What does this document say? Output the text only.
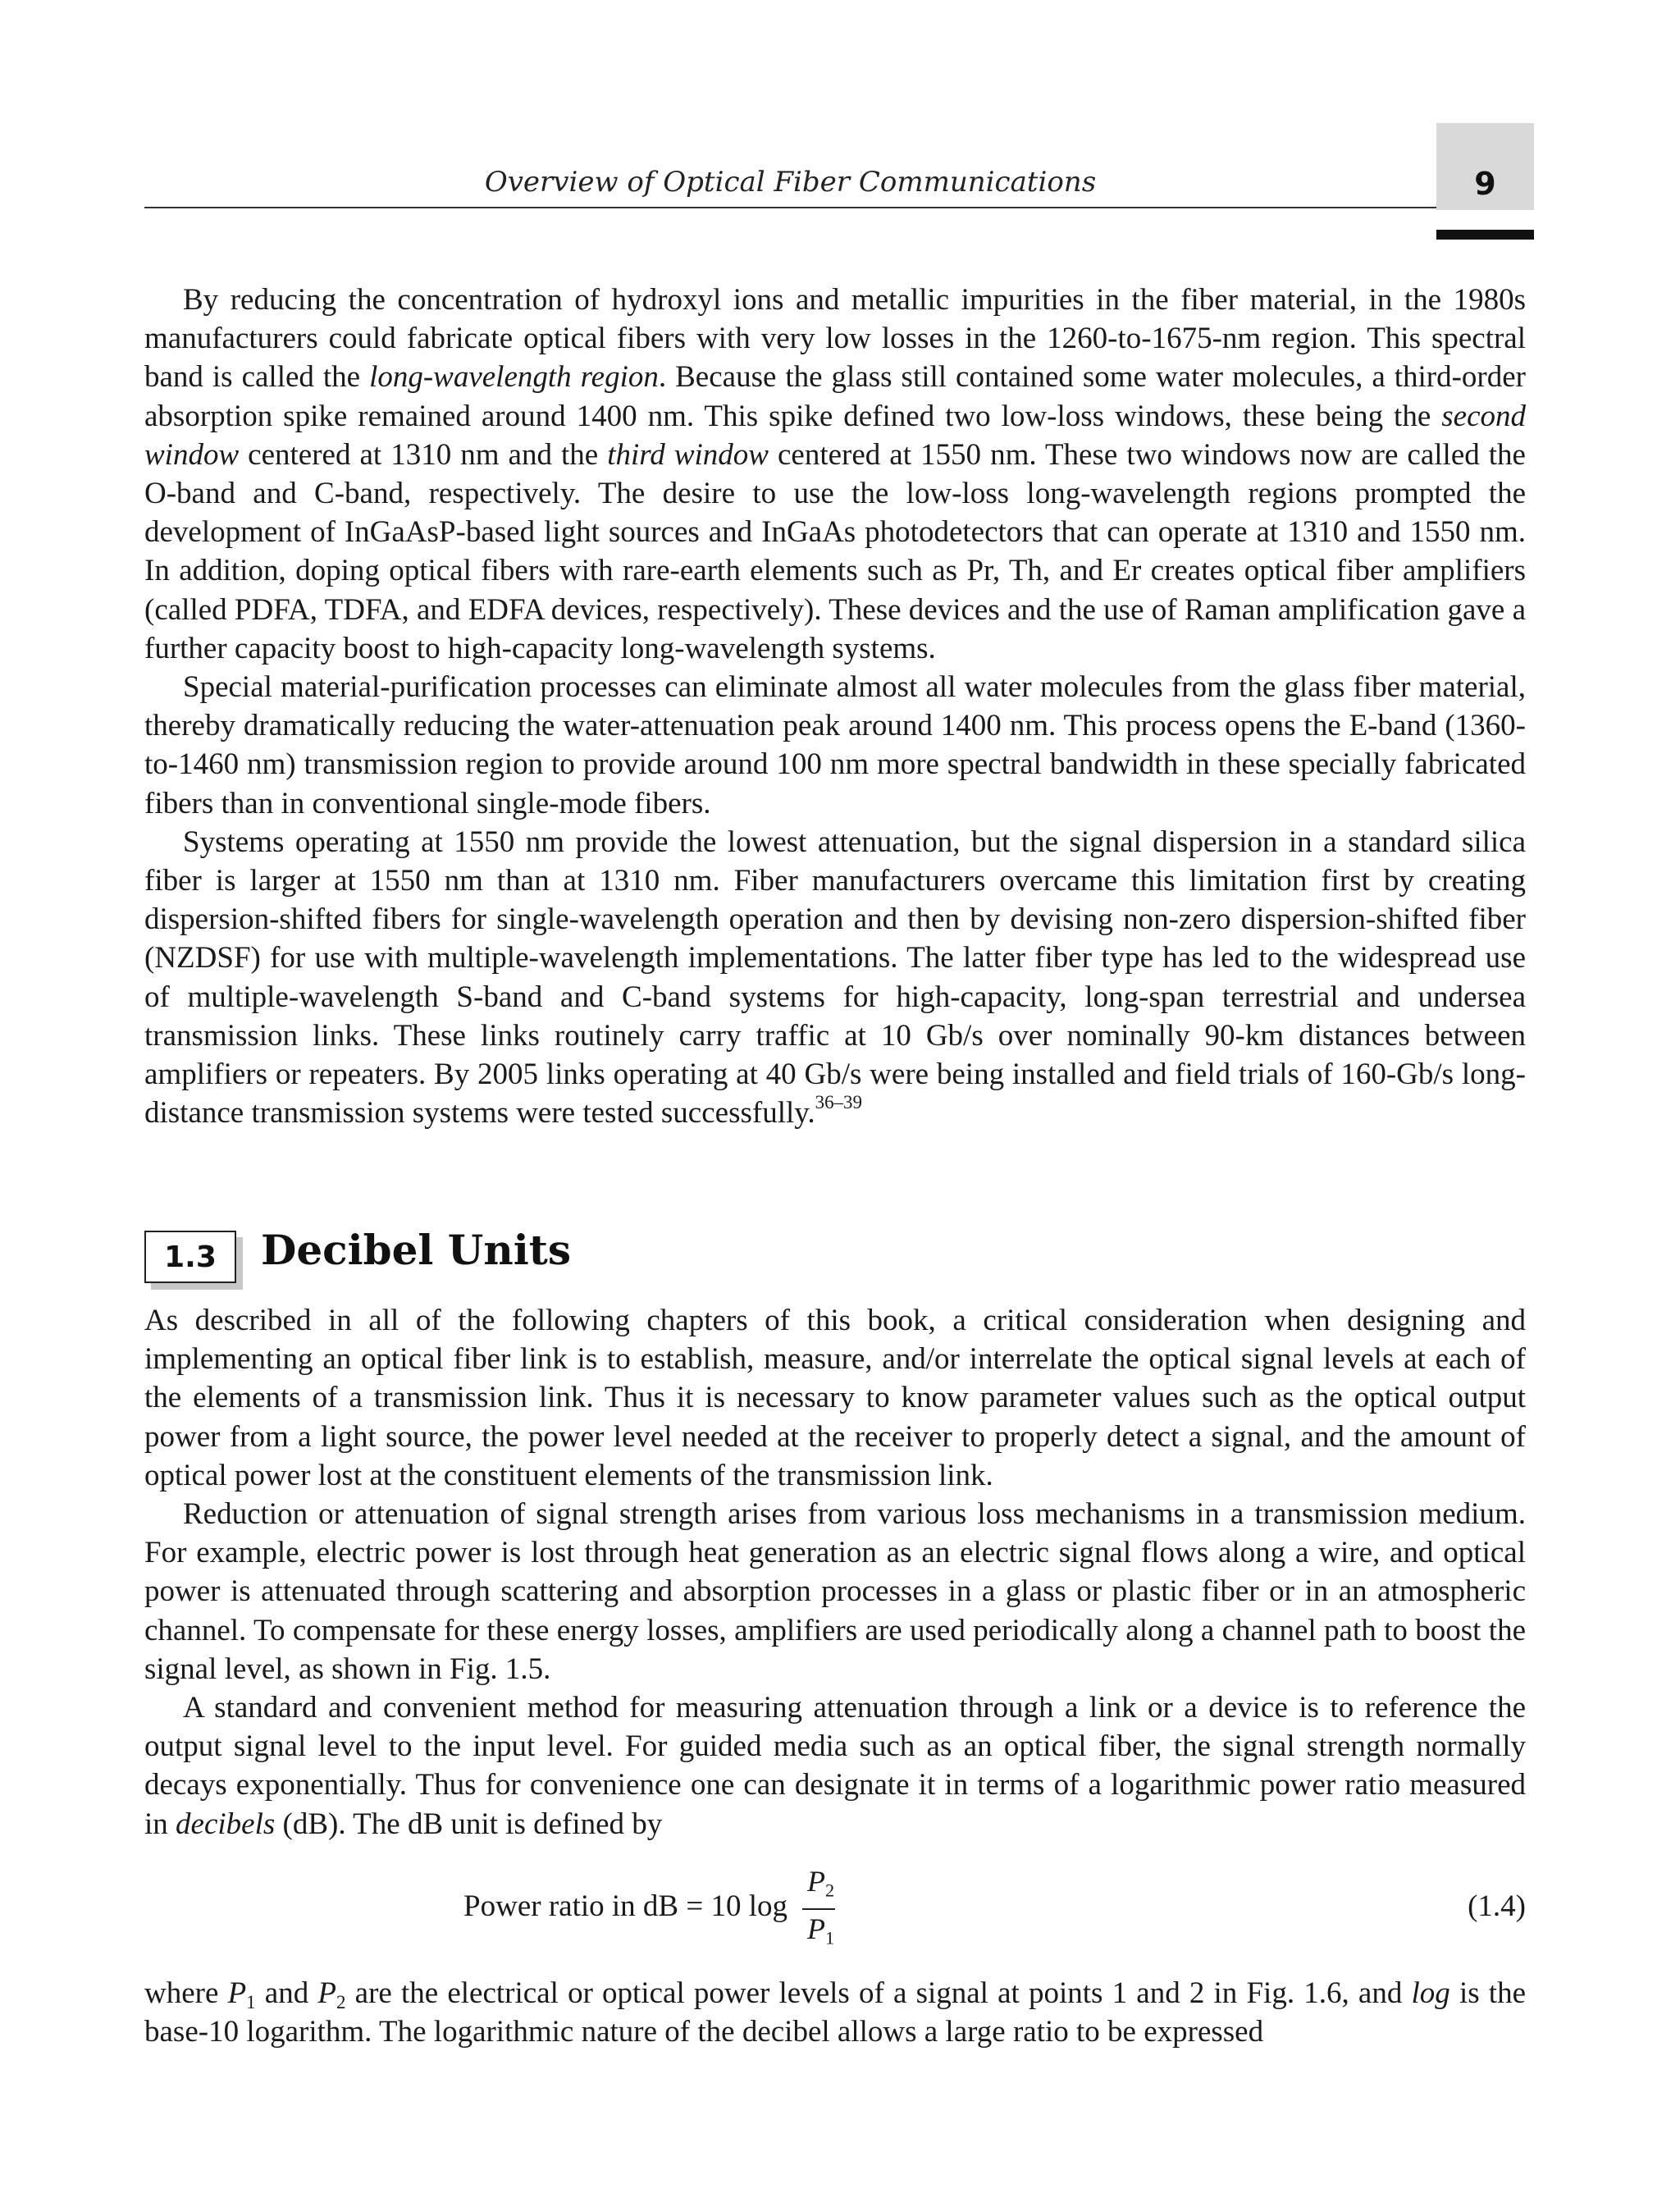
Overview of Optical Fiber Communications	9

By reducing the concentration of hydroxyl ions and metallic impurities in the fiber material, in the 1980s manufacturers could fabricate optical fibers with very low losses in the 1260-to-1675-nm region. This spectral band is called the long-wavelength region. Because the glass still contained some water molecules, a third-order absorption spike remained around 1400 nm. This spike defined two low-loss windows, these being the second window centered at 1310 nm and the third window centered at 1550 nm. These two windows now are called the O-band and C-band, respectively. The desire to use the low-loss long-wavelength regions prompted the development of InGaAsP-based light sources and InGaAs photodetectors that can operate at 1310 and 1550 nm. In addition, doping optical fibers with rare-earth elements such as Pr, Th, and Er creates optical fiber amplifiers (called PDFA, TDFA, and EDFA devices, respectively). These devices and the use of Raman amplification gave a further capacity boost to high-capacity long-wavelength systems.

Special material-purification processes can eliminate almost all water molecules from the glass fiber material, thereby dramatically reducing the water-attenuation peak around 1400 nm. This process opens the E-band (1360-to-1460 nm) transmission region to provide around 100 nm more spectral bandwidth in these specially fabricated fibers than in conventional single-mode fibers.

Systems operating at 1550 nm provide the lowest attenuation, but the signal dispersion in a standard silica fiber is larger at 1550 nm than at 1310 nm. Fiber manufacturers overcame this limitation first by creating dispersion-shifted fibers for single-wavelength operation and then by devising non-zero dispersion-shifted fiber (NZDSF) for use with multiple-wavelength implementations. The latter fiber type has led to the widespread use of multiple-wavelength S-band and C-band systems for high-capacity, long-span terrestrial and undersea transmission links. These links routinely carry traffic at 10 Gb/s over nominally 90-km distances between amplifiers or repeaters. By 2005 links operating at 40 Gb/s were being installed and field trials of 160-Gb/s long-distance transmission systems were tested successfully.$^{36-39}$

1.3	Decibel Units

As described in all of the following chapters of this book, a critical consideration when designing and implementing an optical fiber link is to establish, measure, and/or interrelate the optical signal levels at each of the elements of a transmission link. Thus it is necessary to know parameter values such as the optical output power from a light source, the power level needed at the receiver to properly detect a signal, and the amount of optical power lost at the constituent elements of the transmission link.

Reduction or attenuation of signal strength arises from various loss mechanisms in a transmission medium. For example, electric power is lost through heat generation as an electric signal flows along a wire, and optical power is attenuated through scattering and absorption processes in a glass or plastic fiber or in an atmospheric channel. To compensate for these energy losses, amplifiers are used periodically along a channel path to boost the signal level, as shown in Fig. 1.5.

A standard and convenient method for measuring attenuation through a link or a device is to reference the output signal level to the input level. For guided media such as an optical fiber, the signal strength normally decays exponentially. Thus for convenience one can designate it in terms of a logarithmic power ratio measured in decibels (dB). The dB unit is defined by

Power ratio in dB = 10 log
$P_2$
$P_1$
(1.4)

where $P_1$ and $P_2$ are the electrical or optical power levels of a signal at points 1 and 2 in Fig. 1.6, and log is the base-10 logarithm. The logarithmic nature of the decibel allows a large ratio to be expressed
